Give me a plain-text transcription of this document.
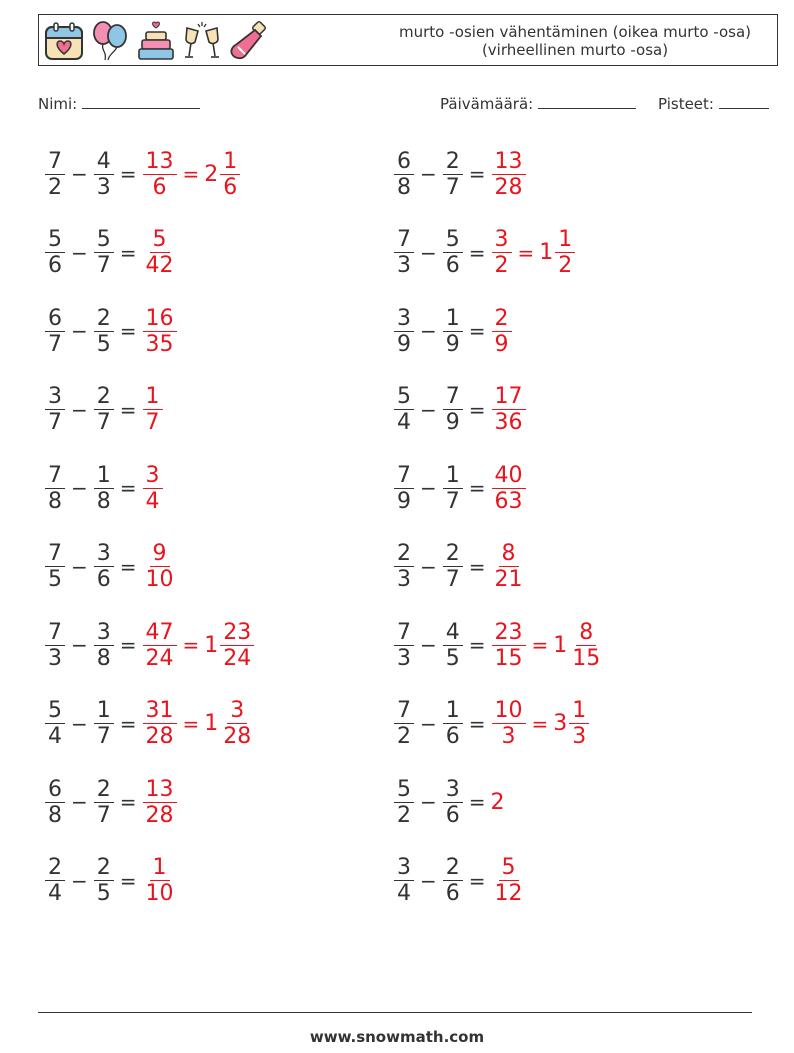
murto -osien vähentäminen (oikea murto -osa) (virheellinen murto -osa)
Nimi:	Päivämäärä:	Pisteet:
$\frac{7}{2} - \frac{4}{3} = \frac{13}{6} = 2 \frac{1}{6}$	$\frac{6}{8} - \frac{2}{7} = \frac{13}{28}$
$\frac{5}{6} - \frac{5}{7} = \frac{5}{42}$	$\frac{7}{3} - \frac{5}{6} = \frac{3}{2} = 1 \frac{1}{2}$
$\frac{6}{7} - \frac{2}{5} = \frac{16}{35}$	$\frac{3}{9} - \frac{1}{9} = \frac{2}{9}$
$\frac{3}{7} - \frac{2}{7} = \frac{1}{7}$	$\frac{5}{4} - \frac{7}{9} = \frac{17}{36}$
$\frac{7}{8} - \frac{1}{8} = \frac{3}{4}$	$\frac{7}{9} - \frac{1}{7} = \frac{40}{63}$
$\frac{7}{5} - \frac{3}{6} = \frac{9}{10}$	$\frac{2}{3} - \frac{2}{7} = \frac{8}{21}$
$\frac{7}{3} - \frac{3}{8} = \frac{47}{24} = 1 \frac{23}{24}$	$\frac{7}{3} - \frac{4}{5} = \frac{23}{15} = 1 \frac{8}{15}$
$\frac{5}{4} - \frac{1}{7} = \frac{31}{28} = 1 \frac{3}{28}$	$\frac{7}{2} - \frac{1}{6} = \frac{10}{3} = 3 \frac{1}{3}$
$\frac{6}{8} - \frac{2}{7} = \frac{13}{28}$	$\frac{5}{2} - \frac{3}{6} = 2$
$\frac{2}{4} - \frac{2}{5} = \frac{1}{10}$	$\frac{3}{4} - \frac{2}{6} = \frac{5}{12}$
www.snowmath.com
